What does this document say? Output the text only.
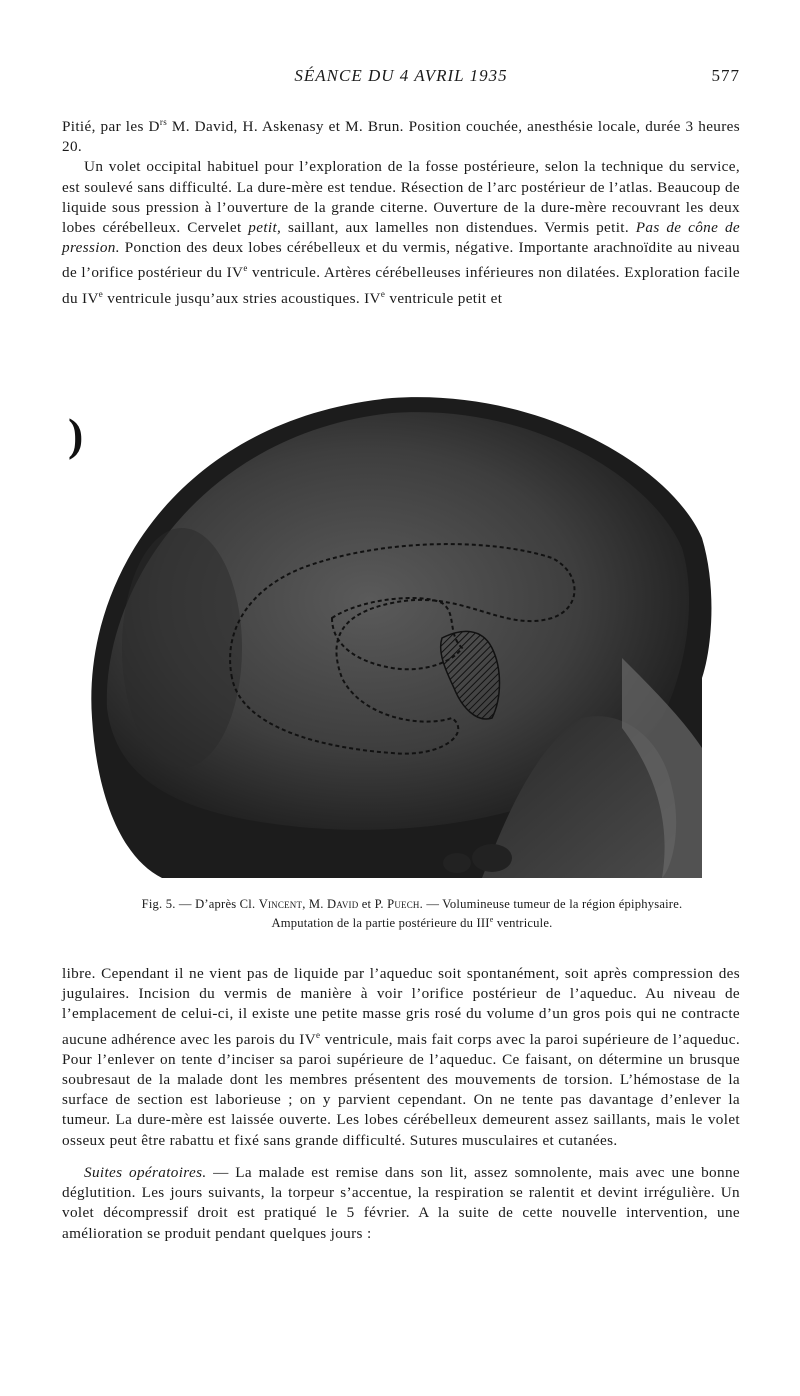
SÉANCE DU 4 AVRIL 1935	577

Pitié, par les $D^{rs}$ M. David, H. Askenasy et M. Brun. Position couchée, anesthésie locale, durée 3 heures 20.

Un volet occipital habituel pour l’exploration de la fosse postérieure, selon la technique du service, est soulevé sans difficulté. La dure-mère est tendue. Résection de l’arc postérieur de l’atlas. Beaucoup de liquide sous pression à l’ouverture de la grande citerne. Ouverture de la dure-mère recouvrant les deux lobes cérébelleux. Cervelet petit, saillant, aux lamelles non distendues. Vermis petit. Pas de cône de pression. Ponction des deux lobes cérébelleux et du vermis, négative. Importante arachnoïdite au niveau de l’orifice postérieur du IVe ventricule. Artères cérébelleuses inférieures non dilatées. Exploration facile du IVe ventricule jusqu’aux stries acoustiques. IVe ventricule petit et

)
Fig. 5. — D’après Cl. Vincent, M. David et P. Puech. — Volumineuse tumeur de la région épiphysaire.
Amputation de la partie postérieure du IIIe ventricule.

libre. Cependant il ne vient pas de liquide par l’aqueduc soit spontanément, soit après compression des jugulaires. Incision du vermis de manière à voir l’orifice postérieur de l’aqueduc. Au niveau de l’emplacement de celui-ci, il existe une petite masse gris rosé du volume d’un gros pois qui ne contracte aucune adhérence avec les parois du IVe ventricule, mais fait corps avec la paroi supérieure de l’aqueduc. Pour l’enlever on tente d’inciser sa paroi supérieure de l’aqueduc. Ce faisant, on détermine un brusque soubresaut de la malade dont les membres présentent des mouvements de torsion. L’hémostase de la surface de section est laborieuse ; on y parvient cependant. On ne tente pas davantage d’enlever la tumeur. La dure-mère est laissée ouverte. Les lobes cérébelleux demeurent assez saillants, mais le volet osseux peut être rabattu et fixé sans grande difficulté. Sutures musculaires et cutanées.

Suites opératoires. — La malade est remise dans son lit, assez somnolente, mais avec une bonne déglutition. Les jours suivants, la torpeur s’accentue, la respiration se ralentit et devint irrégulière. Un volet décompressif droit est pratiqué le 5 février. A la suite de cette nouvelle intervention, une amélioration se produit pendant quelques jours :
